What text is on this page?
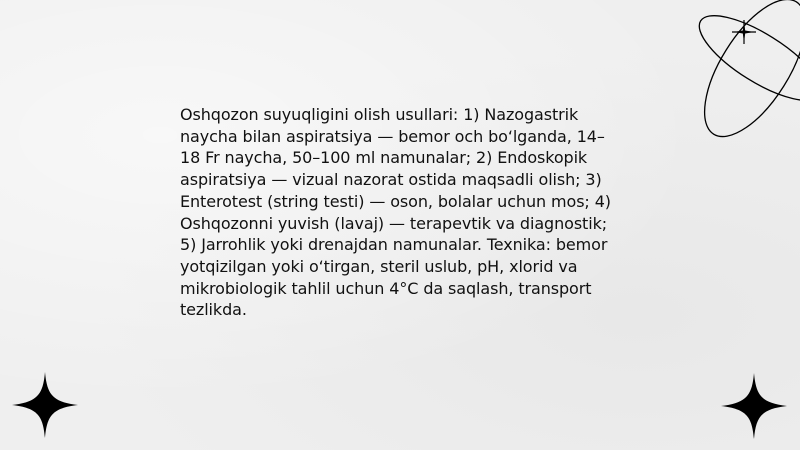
Oshqozon suyuqligini olish usullari: 1) Nazogastrik naycha bilan aspiratsiya — bemor och bo‘lganda, 14–18 Fr naycha, 50–100 ml namunalar; 2) Endoskopik aspiratsiya — vizual nazorat ostida maqsadli olish; 3) Enterotest (string testi) — oson, bolalar uchun mos; 4) Oshqozonni yuvish (lavaj) — terapevtik va diagnostik; 5) Jarrohlik yoki drenajdan namunalar. Texnika: bemor yotqizilgan yoki o‘tirgan, steril uslub, pH, xlorid va mikrobiologik tahlil uchun 4°C da saqlash, transport tezlikda.
